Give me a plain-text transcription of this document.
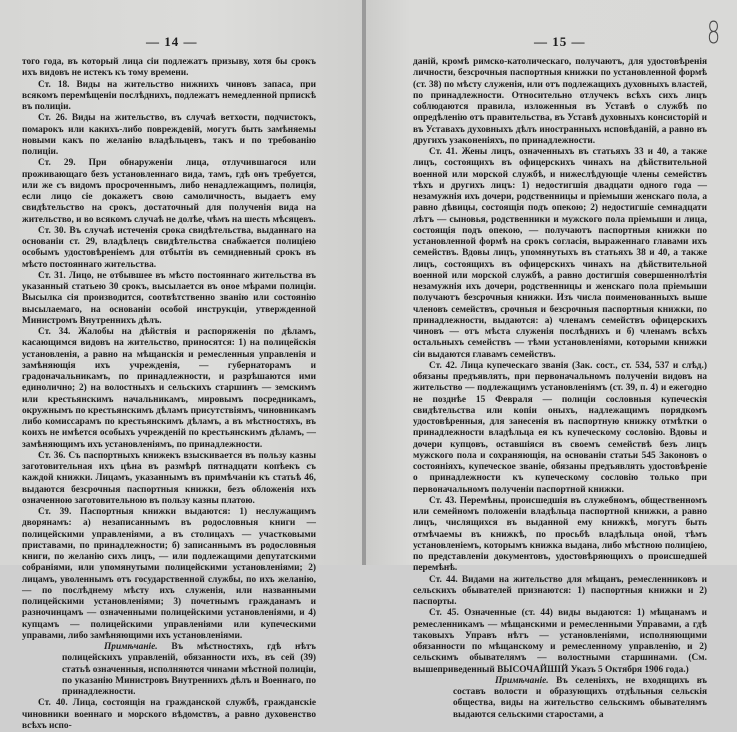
— 14 —

того года, въ который лица сіи подлежатъ призыву, хотя бы срокъ ихъ видовъ не истекъ къ тому времени.

Ст. 18. Виды на жительство нижнихъ чиновъ запаса, при всякомъ перемѣщеніи послѣднихъ, подлежатъ немедленной прпискѣ въ полиціи.

Ст. 26. Виды на жительство, въ случаѣ ветхости, подчистокъ, помарокъ или какихъ-либо повреждевій, могутъ быть замѣняемы новыми какъ по желанію владѣльцевъ, такъ и по требованію полиціи.

Ст. 29. При обнаруженіи лица, отлучившагося или проживающаго безъ установленнаго вида, тамъ, гдѣ онъ требуется, или же съ видомъ просроченнымъ, либо ненадлежащимъ, полиція, если лицо сіе докажетъ свою самоличность, выдаетъ ему свидѣтельство на срокъ, достаточный для полученія вида на жительство, и во всякомъ случаѣ не долѣе, чѣмъ на шесть мѣсяцевъ.

Ст. 30. Въ случаѣ истеченія срока свидѣтельства, выданнаго на основаніи ст. 29, владѣлецъ свидѣтельства снабжается полиціею особымъ удостовѣреніемъ для отбытія въ семидневный срокъ въ мѣсто постояннаго жительства.

Ст. 31. Лицо, не отбывшее въ мѣсто постояннаго жительства въ указанный статьею 30 срокъ, высылается въ оное мѣрами полиціи. Высылка сія производится, соотвѣтственно званію или состоянію высылаемаго, на основаніи особой инструкціи, утвержденной Министромъ Внутреннихъ дѣлъ.

Ст. 34. Жалобы на дѣйствія и распоряженія по дѣламъ, касающимся видовъ на жительство, приносятся: 1) на полицейскія установленія, а равно на мѣщанскія и ремесленныя управленія и замѣняющія ихъ учрежденія, — губернаторамъ и градоначальникамъ, по принадлежности, и разрѣшаются ими единолично; 2) на волостныхъ и сельскихъ старшинъ — земскимъ или крестьянскимъ начальникамъ, мировымъ посредникамъ, окружнымъ по крестьянскимъ дѣламъ присутствіямъ, чиновникамъ либо комиссарамъ по крестьянскимъ дѣламъ, а въ мѣстностяхъ, въ коихъ не имѣется особыхъ учрежденій по крестьянскимъ дѣламъ, — замѣняющимъ ихъ установленіямъ, по принадлежности.

Ст. 36. Съ паспортныхъ книжекъ взыскивается въ пользу казны заготовительная ихъ цѣна въ размѣрѣ пятнадцати копѣекъ съ каждой книжки. Лицамъ, указаннымъ въ примѣчаніи къ статьѣ 46, выдаются безсрочныя паспортныя книжки, безъ обложенія ихъ означенною заготовительною въ пользу казны платою.

Ст. 39. Паспортныя книжки выдаются: 1) неслужащимъ дворянамъ: а) незаписаннымъ въ родословныя книги — полицейскими управленіями, а въ столицахъ — участковыми приставами, по принадлежности; б) записаннымъ въ родословныя книги, по желанію сихъ лицъ, — или подлежащими депутатскими собраніями, или упомянутыми полицейскими установленіями; 2) лицамъ, уволеннымъ отъ государственной службы, по ихъ желанію, — по послѣднему мѣсту ихъ служенія, или названными полицейскими установленіями; 3) почетнымъ гражданамъ и разночинцамъ — означенными полицейскими установленіями, и 4) купцамъ — полицейскими управленіями или купеческими управами, либо замѣняющими ихъ установленіями.

Примѣчаніе. Въ мѣстностяхъ, гдѣ нѣтъ полицейскихъ управленій, обязанности ихъ, въ сей (39) статьѣ означенныя, исполняются чинами мѣстной полиціи, по указанію Министровъ Внутреннихъ дѣлъ и Военнаго, по принадлежности.

Ст. 40. Лица, состоящія на гражданской службѣ, гражданскіе чиновники военнаго и морского вѣдомствъ, а равно духовенство всѣхъ испо-

— 15 —	8

даній, кромѣ римско-католическаго, получаютъ, для удостовѣренія личности, безсрочныя паспортныя книжки по установленной формѣ (ст. 38) по мѣсту служенія, или отъ подлежащихъ духовныхъ властей, по принадлежности. Относительно отлучекъ всѣхъ сихъ лицъ соблюдаются правила, изложенныя въ Уставѣ о службѣ по опредѣленію отъ правительства, въ Уставѣ духовныхъ консисторій и въ Уставахъ духовныхъ дѣлъ иностранныхъ исповѣданій, а равно въ другихъ узаконеніяхъ, по принадлежности.

Ст. 41. Жены лицъ, означенныхъ въ статьяхъ 33 и 40, а также лицъ, состоящихъ въ офицерскихъ чинахъ на дѣйствительной военной или морской службѣ, и нижеслѣдующіе члены семействъ тѣхъ и другихъ лицъ: 1) недостигшія двадцати одного года — незамужнія ихъ дочери, родственницы и пріемыши женскаго пола, а равно дѣвицы, состоящія подъ опекою; 2) недостигшіе семнадцати лѣтъ — сыновья, родственники и мужского пола пріемыши и лица, состоящія подъ опекою, — получаютъ паспортныя книжки по установленной формѣ на срокъ согласія, выраженнаго главами ихъ семействъ. Вдовы лицъ, упомянутыхъ въ статьяхъ 38 и 40, а также лицъ, состоящихъ въ офицерскихъ чинахъ на дѣйствительной военной или морской службѣ, а равно достигшія совершеннолѣтія незамужнія ихъ дочери, родственницы и женскаго пола пріемыши получаютъ безсрочныя книжки. Изъ числа поименованныхъ выше членовъ семействъ, срочныя и безсрочныя паспортныя книжки, по принадлежности, выдаются: а) членамъ семействъ офицерскихъ чиновъ — отъ мѣста служенія послѣднихъ и б) членамъ всѣхъ остальныхъ семействъ — тѣми установленіями, которыми книжки сіи выдаются главамъ семействъ.

Ст. 42. Лица купеческаго званія (Зак. сост., ст. 534, 537 и слѣд.) обязаны предъявлять, при первоначальномъ полученіи видовъ на жительство — подлежащимъ установленіямъ (ст. 39, п. 4) и ежегодно не позднѣе 15 Февраля — полиціи сословныя купеческія свидѣтельства или копіи оныхъ, надлежащимъ порядкомъ удостовѣренныя, для занесенія въ паспортную книжку отмѣтки о принадлежности владѣльца ея къ купеческому сословію. Вдовы и дочери купцовъ, оставшіяся въ своемъ семействѣ безъ лицъ мужского пола и сохраняющія, на основаніи статьи 545 Законовъ о состояніяхъ, купеческое званіе, обязаны предъявлять удостовѣреніе о принадлежности къ купеческому сословію только при первоначальномъ полученіи паспортной книжки.

Ст. 43. Перемѣны, происшедшія въ служебномъ, общественномъ или семейномъ положеніи владѣльца паспортной книжки, а равно лицъ, числящихся въ выданной ему книжкѣ, могутъ быть отмѣчаемы въ книжкѣ, по просьбѣ владѣльца оной, тѣмъ установленіемъ, которымъ книжка выдана, либо мѣстною полиціею, по представленіи документовъ, удостовѣряющихъ о происшедшей перемѣнѣ.

Ст. 44. Видами на жительство для мѣщанъ, ремесленниковъ и сельскихъ обывателей признаются: 1) паспортныя книжки и 2) паспорты.

Ст. 45. Означенные (ст. 44) виды выдаются: 1) мѣщанамъ и ремесленникамъ — мѣщанскими и ремесленными Управами, а гдѣ таковыхъ Управъ нѣтъ — установленіями, исполняющими обязанности по мѣщанскому и ремесленному управленію, и 2) сельскимъ обывателямъ — волостными старшинами. (См. вышеприведенный ВЫСОЧАЙШІЙ Указъ 5 Октября 1906 года.)

Примѣчаніе. Въ селеніяхъ, не входящихъ въ составъ волости и образующихъ отдѣльныя сельскія общества, виды на жительство сельскимъ обывателямъ выдаются сельскими старостами, а
